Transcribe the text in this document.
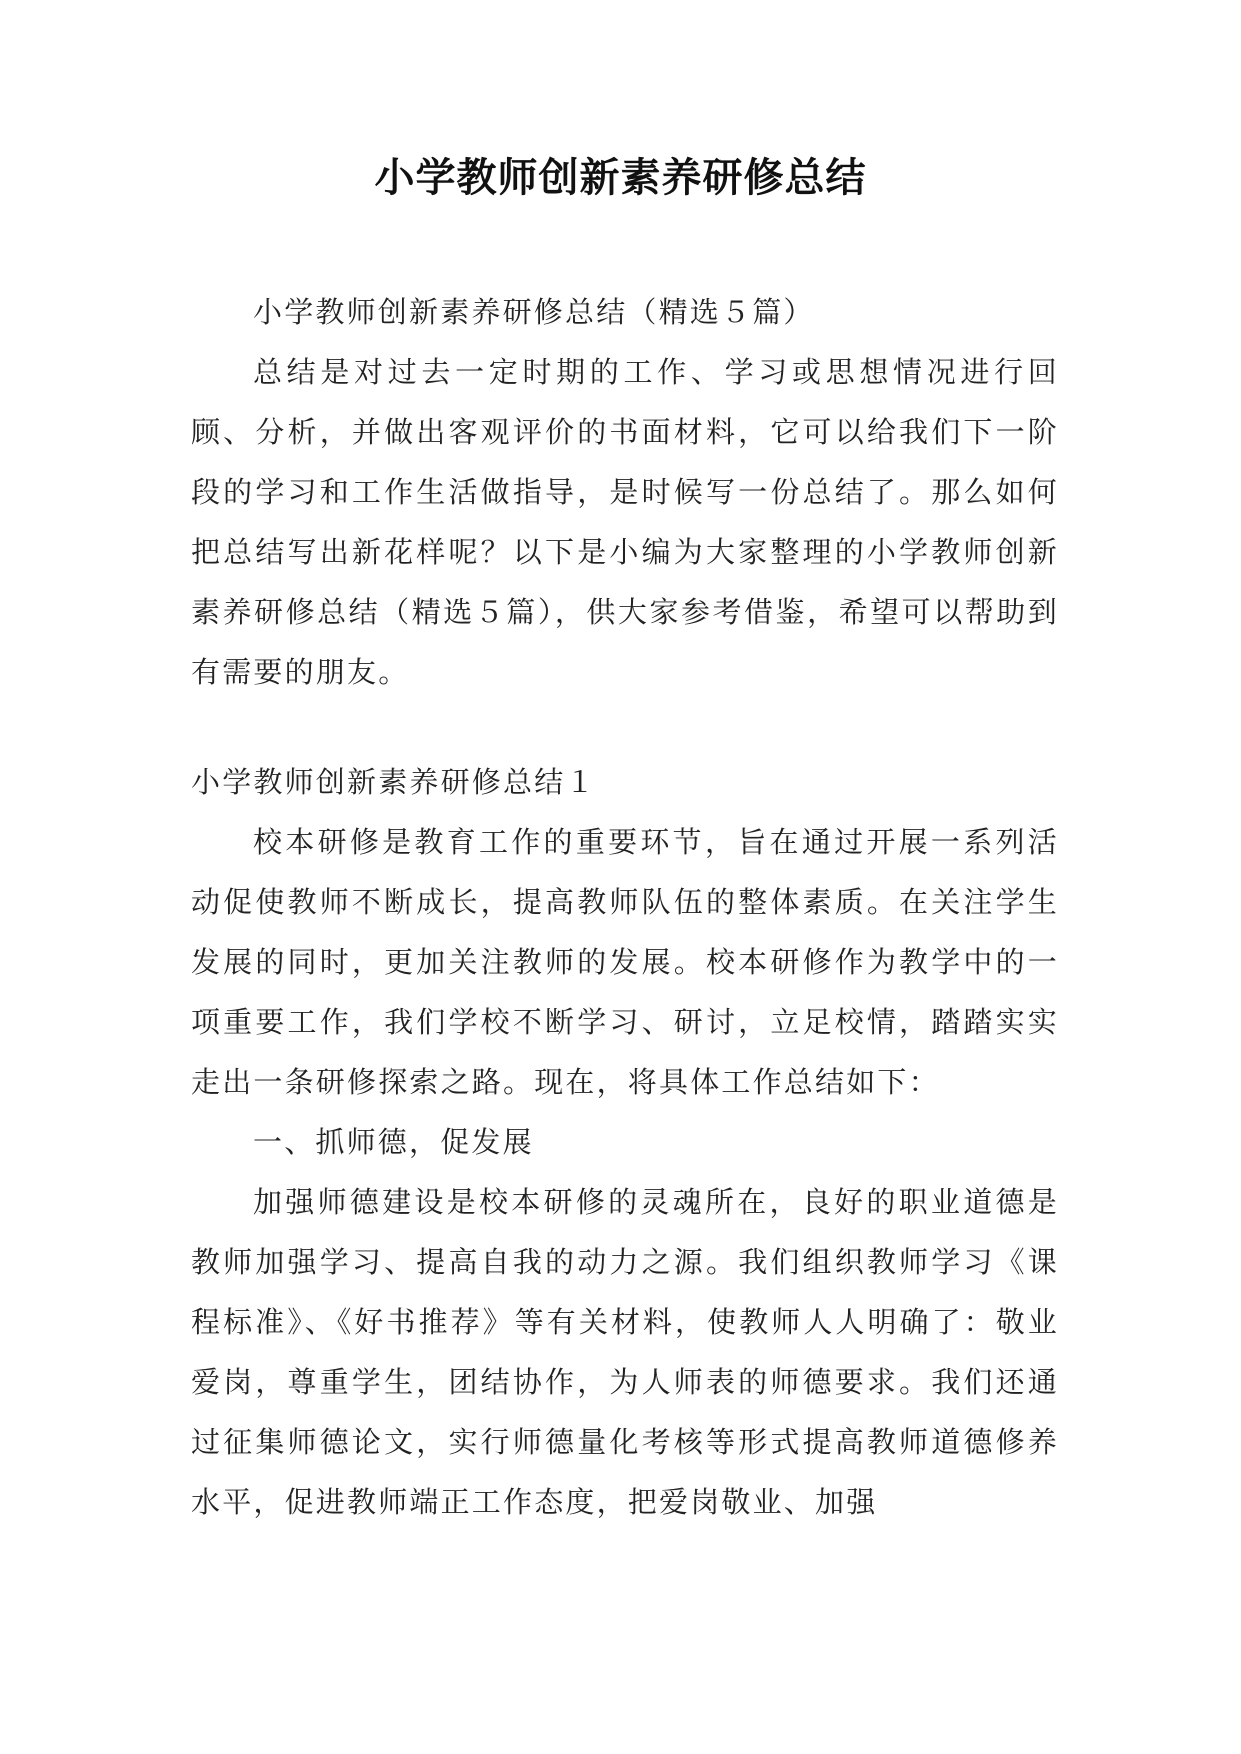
小学教师创新素养研修总结

小学教师创新素养研修总结（精选５篇）

总结是对过去一定时期的工作、学习或思想情况进行回顾、分析，并做出客观评价的书面材料，它可以给我们下一阶段的学习和工作生活做指导，是时候写一份总结了。那么如何把总结写出新花样呢？以下是小编为大家整理的小学教师创新素养研修总结（精选５篇），供大家参考借鉴，希望可以帮助到有需要的朋友。

小学教师创新素养研修总结１

校本研修是教育工作的重要环节，旨在通过开展一系列活动促使教师不断成长，提高教师队伍的整体素质。在关注学生发展的同时，更加关注教师的发展。校本研修作为教学中的一项重要工作，我们学校不断学习、研讨，立足校情，踏踏实实走出一条研修探索之路。现在，将具体工作总结如下：

一、抓师德，促发展

加强师德建设是校本研修的灵魂所在，良好的职业道德是教师加强学习、提高自我的动力之源。我们组织教师学习《课程标准》、《好书推荐》等有关材料，使教师人人明确了：敬业爱岗，尊重学生，团结协作，为人师表的师德要求。我们还通过征集师德论文，实行师德量化考核等形式提高教师道德修养水平，促进教师端正工作态度，把爱岗敬业、加强
